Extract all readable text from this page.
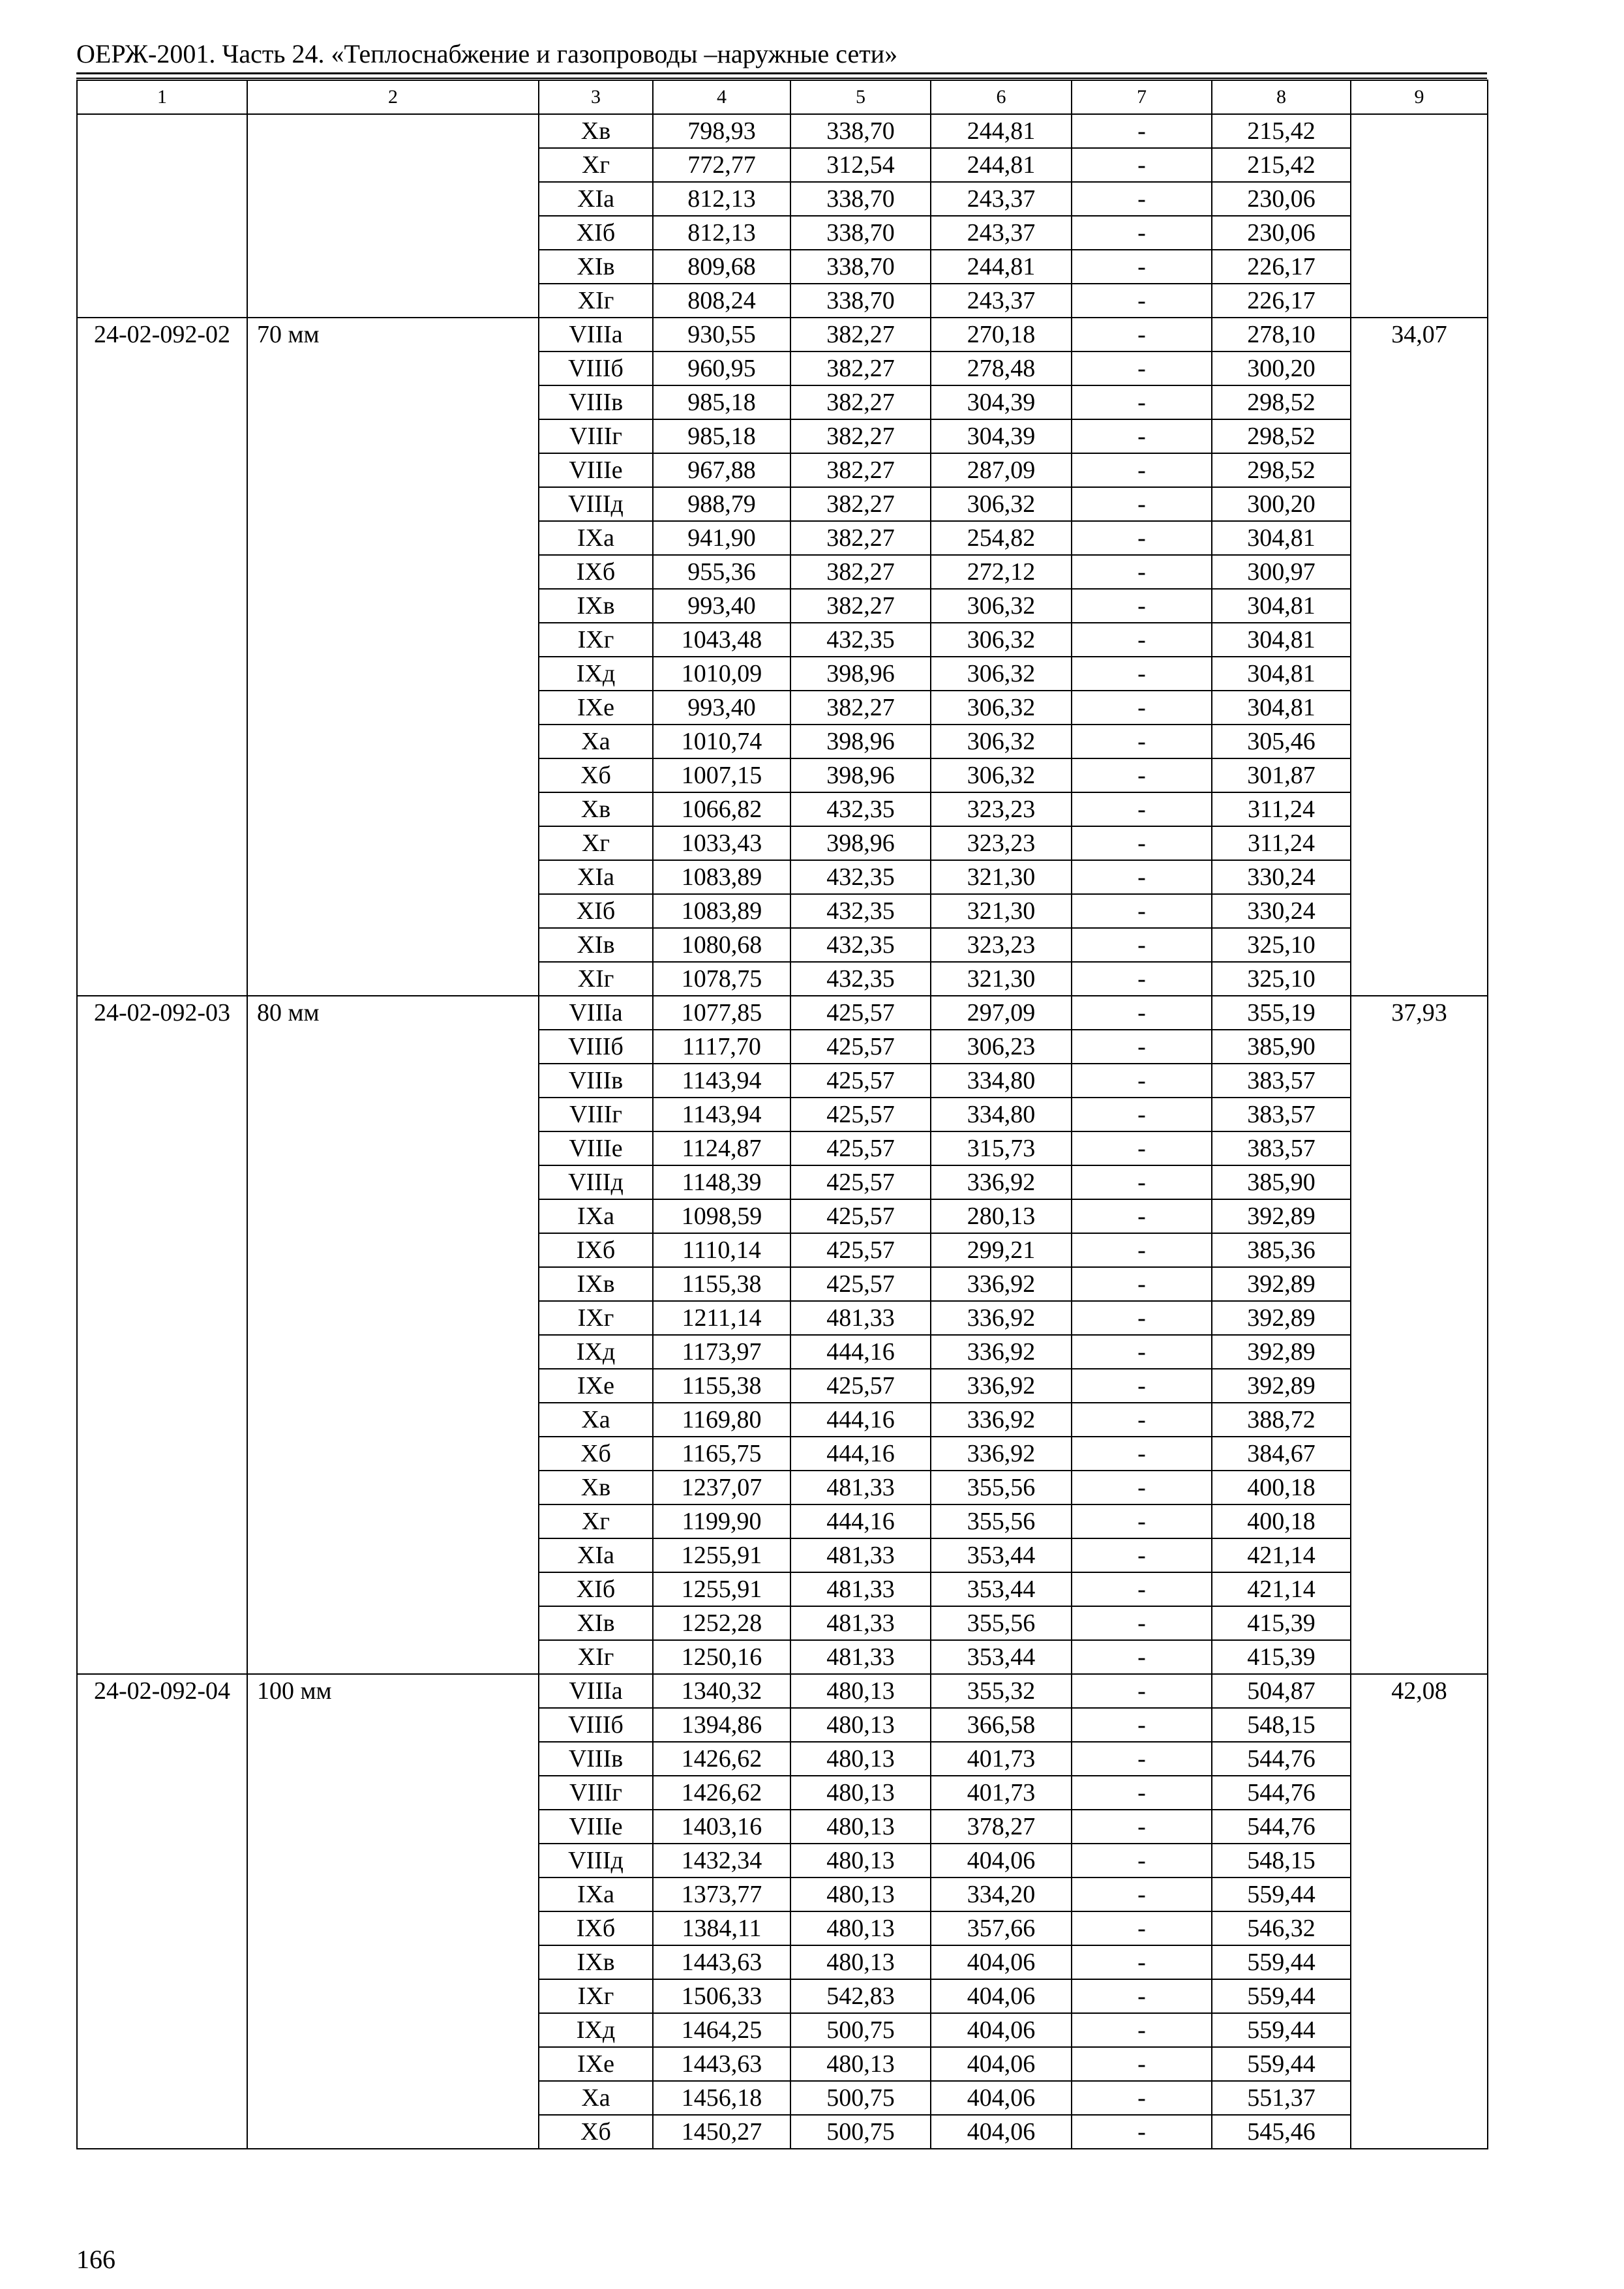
ОЕРЖ-2001. Часть 24. «Теплоснабжение и газопроводы –наружные сети»
1	2	3	4	5	6	7	8	9
		Xв	798,93	338,70	244,81	-	215,42	
		Xг	772,77	312,54	244,81	-	215,42	
		XIа	812,13	338,70	243,37	-	230,06	
		XIб	812,13	338,70	243,37	-	230,06	
		XIв	809,68	338,70	244,81	-	226,17	
		XIг	808,24	338,70	243,37	-	226,17	
24-02-092-02	70 мм	VIIIа	930,55	382,27	270,18	-	278,10	34,07
		VIIIб	960,95	382,27	278,48	-	300,20	
		VIIIв	985,18	382,27	304,39	-	298,52	
		VIIIг	985,18	382,27	304,39	-	298,52	
		VIIIе	967,88	382,27	287,09	-	298,52	
		VIIIд	988,79	382,27	306,32	-	300,20	
		IXа	941,90	382,27	254,82	-	304,81	
		IXб	955,36	382,27	272,12	-	300,97	
		IXв	993,40	382,27	306,32	-	304,81	
		IXг	1043,48	432,35	306,32	-	304,81	
		IXд	1010,09	398,96	306,32	-	304,81	
		IXе	993,40	382,27	306,32	-	304,81	
		Xа	1010,74	398,96	306,32	-	305,46	
		Xб	1007,15	398,96	306,32	-	301,87	
		Xв	1066,82	432,35	323,23	-	311,24	
		Xг	1033,43	398,96	323,23	-	311,24	
		XIа	1083,89	432,35	321,30	-	330,24	
		XIб	1083,89	432,35	321,30	-	330,24	
		XIв	1080,68	432,35	323,23	-	325,10	
		XIг	1078,75	432,35	321,30	-	325,10	
24-02-092-03	80 мм	VIIIа	1077,85	425,57	297,09	-	355,19	37,93
		VIIIб	1117,70	425,57	306,23	-	385,90	
		VIIIв	1143,94	425,57	334,80	-	383,57	
		VIIIг	1143,94	425,57	334,80	-	383,57	
		VIIIе	1124,87	425,57	315,73	-	383,57	
		VIIIд	1148,39	425,57	336,92	-	385,90	
		IXа	1098,59	425,57	280,13	-	392,89	
		IXб	1110,14	425,57	299,21	-	385,36	
		IXв	1155,38	425,57	336,92	-	392,89	
		IXг	1211,14	481,33	336,92	-	392,89	
		IXд	1173,97	444,16	336,92	-	392,89	
		IXе	1155,38	425,57	336,92	-	392,89	
		Xа	1169,80	444,16	336,92	-	388,72	
		Xб	1165,75	444,16	336,92	-	384,67	
		Xв	1237,07	481,33	355,56	-	400,18	
		Xг	1199,90	444,16	355,56	-	400,18	
		XIа	1255,91	481,33	353,44	-	421,14	
		XIб	1255,91	481,33	353,44	-	421,14	
		XIв	1252,28	481,33	355,56	-	415,39	
		XIг	1250,16	481,33	353,44	-	415,39	
24-02-092-04	100 мм	VIIIа	1340,32	480,13	355,32	-	504,87	42,08
		VIIIб	1394,86	480,13	366,58	-	548,15	
		VIIIв	1426,62	480,13	401,73	-	544,76	
		VIIIг	1426,62	480,13	401,73	-	544,76	
		VIIIе	1403,16	480,13	378,27	-	544,76	
		VIIIд	1432,34	480,13	404,06	-	548,15	
		IXа	1373,77	480,13	334,20	-	559,44	
		IXб	1384,11	480,13	357,66	-	546,32	
		IXв	1443,63	480,13	404,06	-	559,44	
		IXг	1506,33	542,83	404,06	-	559,44	
		IXд	1464,25	500,75	404,06	-	559,44	
		IXе	1443,63	480,13	404,06	-	559,44	
		Xа	1456,18	500,75	404,06	-	551,37	
		Xб	1450,27	500,75	404,06	-	545,46	
166
